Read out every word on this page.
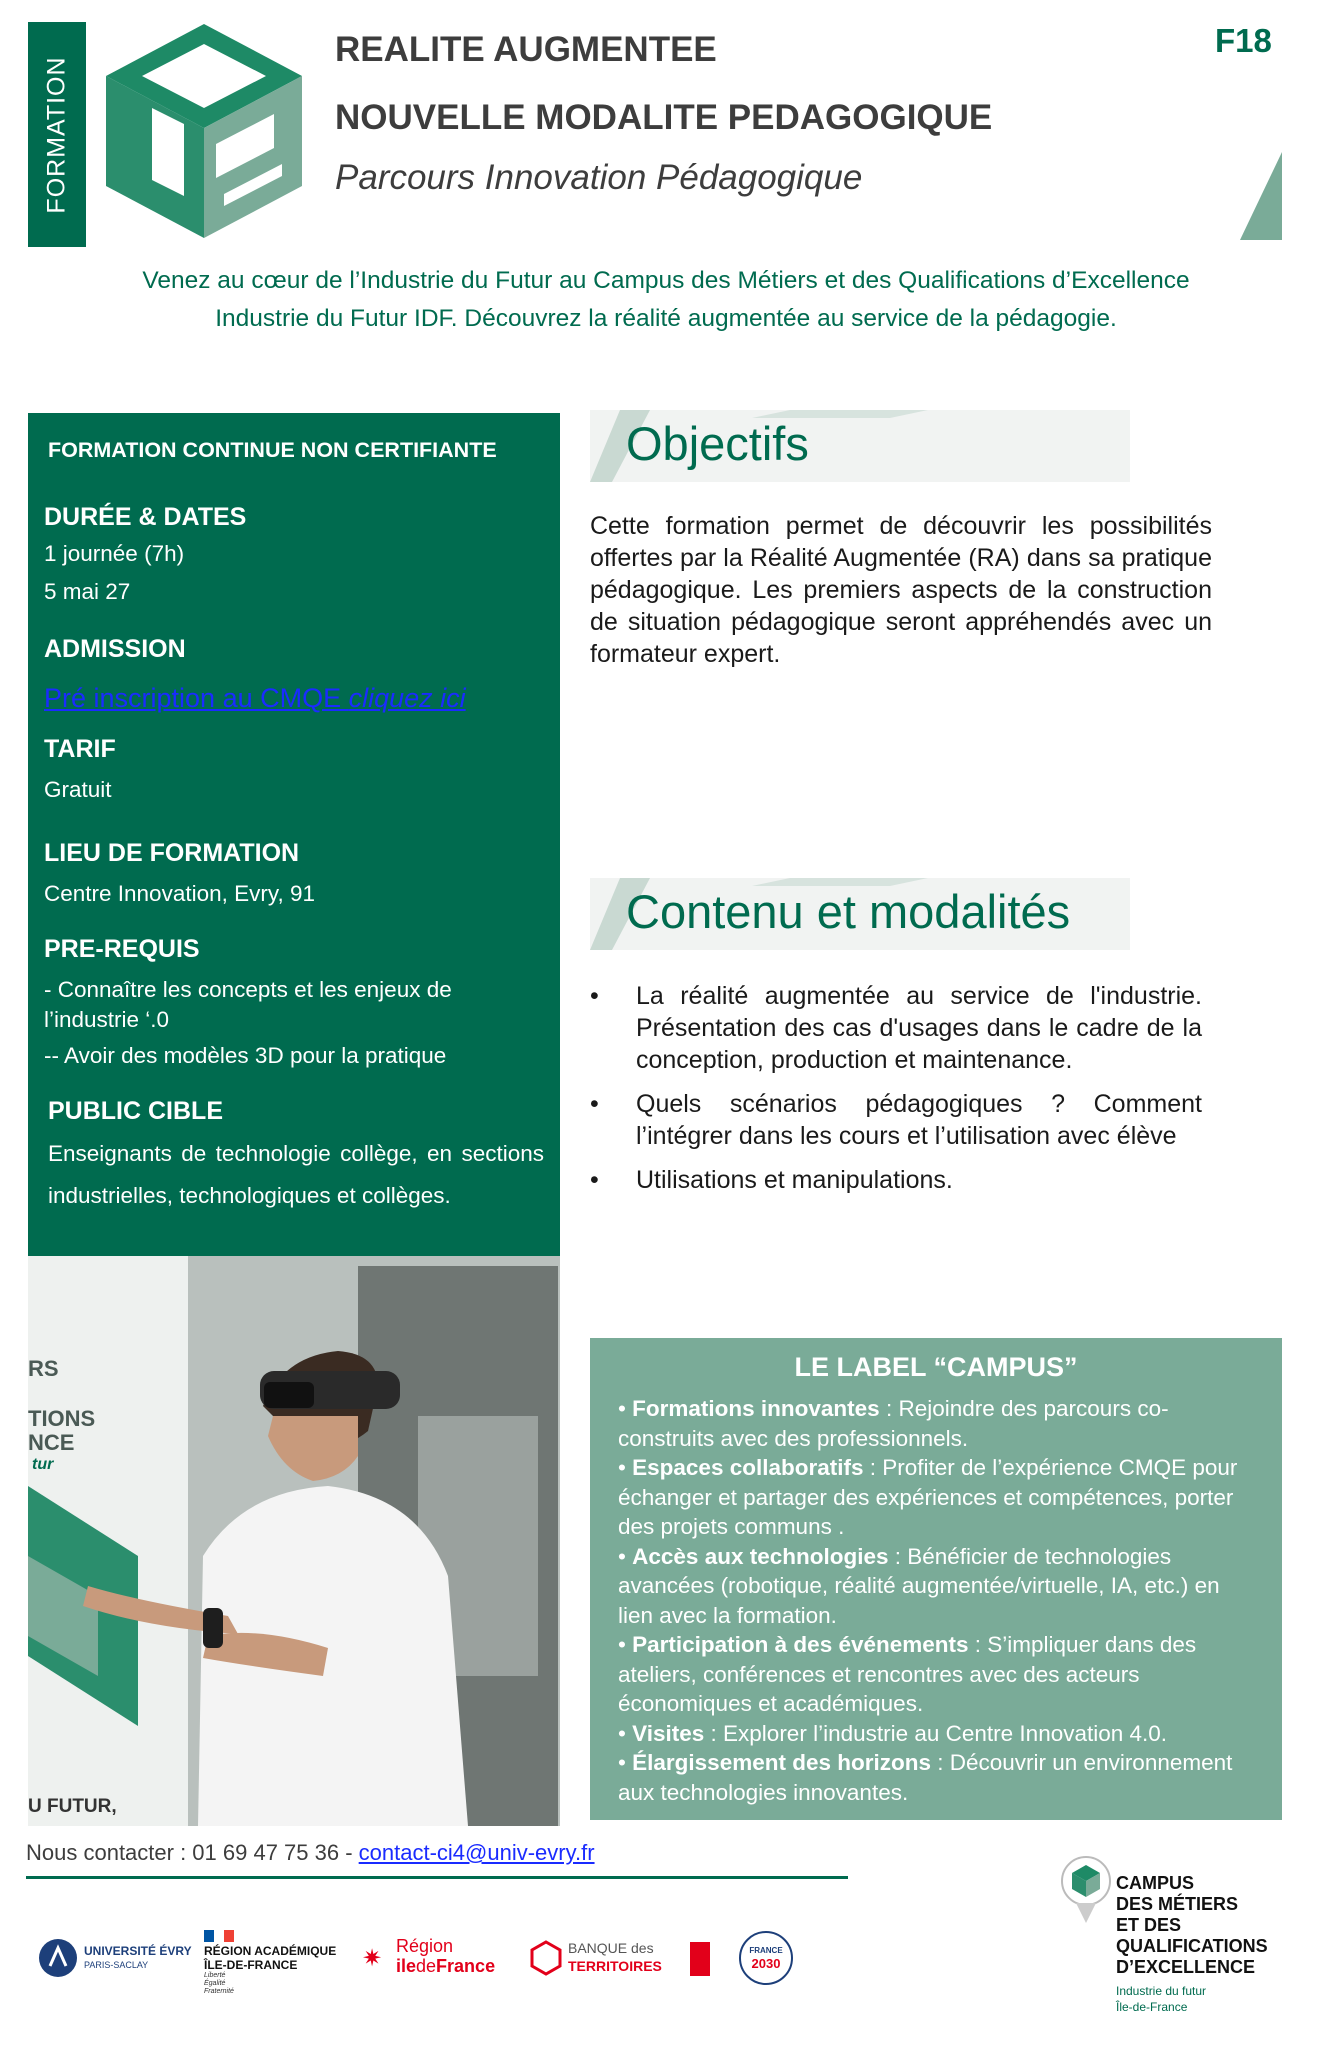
FORMATION
REALITE AUGMENTEE
NOUVELLE MODALITE PEDAGOGIQUE
Parcours Innovation Pédagogique
F18
Venez au cœur de l’Industrie du Futur au Campus des Métiers et des Qualifications d’Excellence
Industrie du Futur IDF. Découvrez la réalité augmentée au service de la pédagogie.
FORMATION CONTINUE NON CERTIFIANTE
DURÉE & DATES
1 journée (7h)
5 mai 27
ADMISSION
Pré inscription au CMQE cliquez ici
TARIF
Gratuit
LIEU DE FORMATION
Centre Innovation, Evry, 91
PRE-REQUIS
- Connaître les concepts et les enjeux de
l’industrie ‘.0
-- Avoir des modèles 3D pour la pratique
PUBLIC CIBLE
Enseignants de technologie collège, en sections industrielles, technologiques et collèges.
RS
TIONS
NCE
tur
U FUTUR,
Objectifs
Cette formation permet de découvrir les possibilités offertes par la Réalité Augmentée (RA) dans sa pratique pédagogique. Les premiers aspects de la construction de situation pédagogique seront appréhendés avec un formateur expert.
Contenu et modalités
• La réalité augmentée au service de l'industrie. Présentation des cas d'usages dans le cadre de la conception, production et maintenance.
• Quels scénarios pédagogiques ? Comment l’intégrer dans les cours et l’utilisation avec élève
• Utilisations et manipulations.
LE LABEL “CAMPUS”
• Formations innovantes : Rejoindre des parcours co-construits avec des professionnels.
• Espaces collaboratifs : Profiter de l’expérience CMQE pour échanger et partager des expériences et compétences, porter des projets communs .
• Accès aux technologies : Bénéficier de technologies avancées (robotique, réalité augmentée/virtuelle, IA, etc.) en lien avec la formation.
• Participation à des événements : S’impliquer dans des ateliers, conférences et rencontres avec des acteurs économiques et académiques.
• Visites : Explorer l’industrie au Centre Innovation 4.0.
• Élargissement des horizons : Découvrir un environnement aux technologies innovantes.
Nous contacter : 01 69 47 75 36 - contact-ci4@univ-evry.fr
UNIVERSITÉ ÉVRY
PARIS-SACLAY
RÉGION ACADÉMIQUE
ÎLE-DE-FRANCE
Liberté
Égalité
Fraternité
✷ Région
iledeFrance
BANQUE des
TERRITOIRES
FRANCE
2030
CAMPUS
DES MÉTIERS
ET DES
QUALIFICATIONS
D’EXCELLENCE
Industrie du futur
Île-de-France
